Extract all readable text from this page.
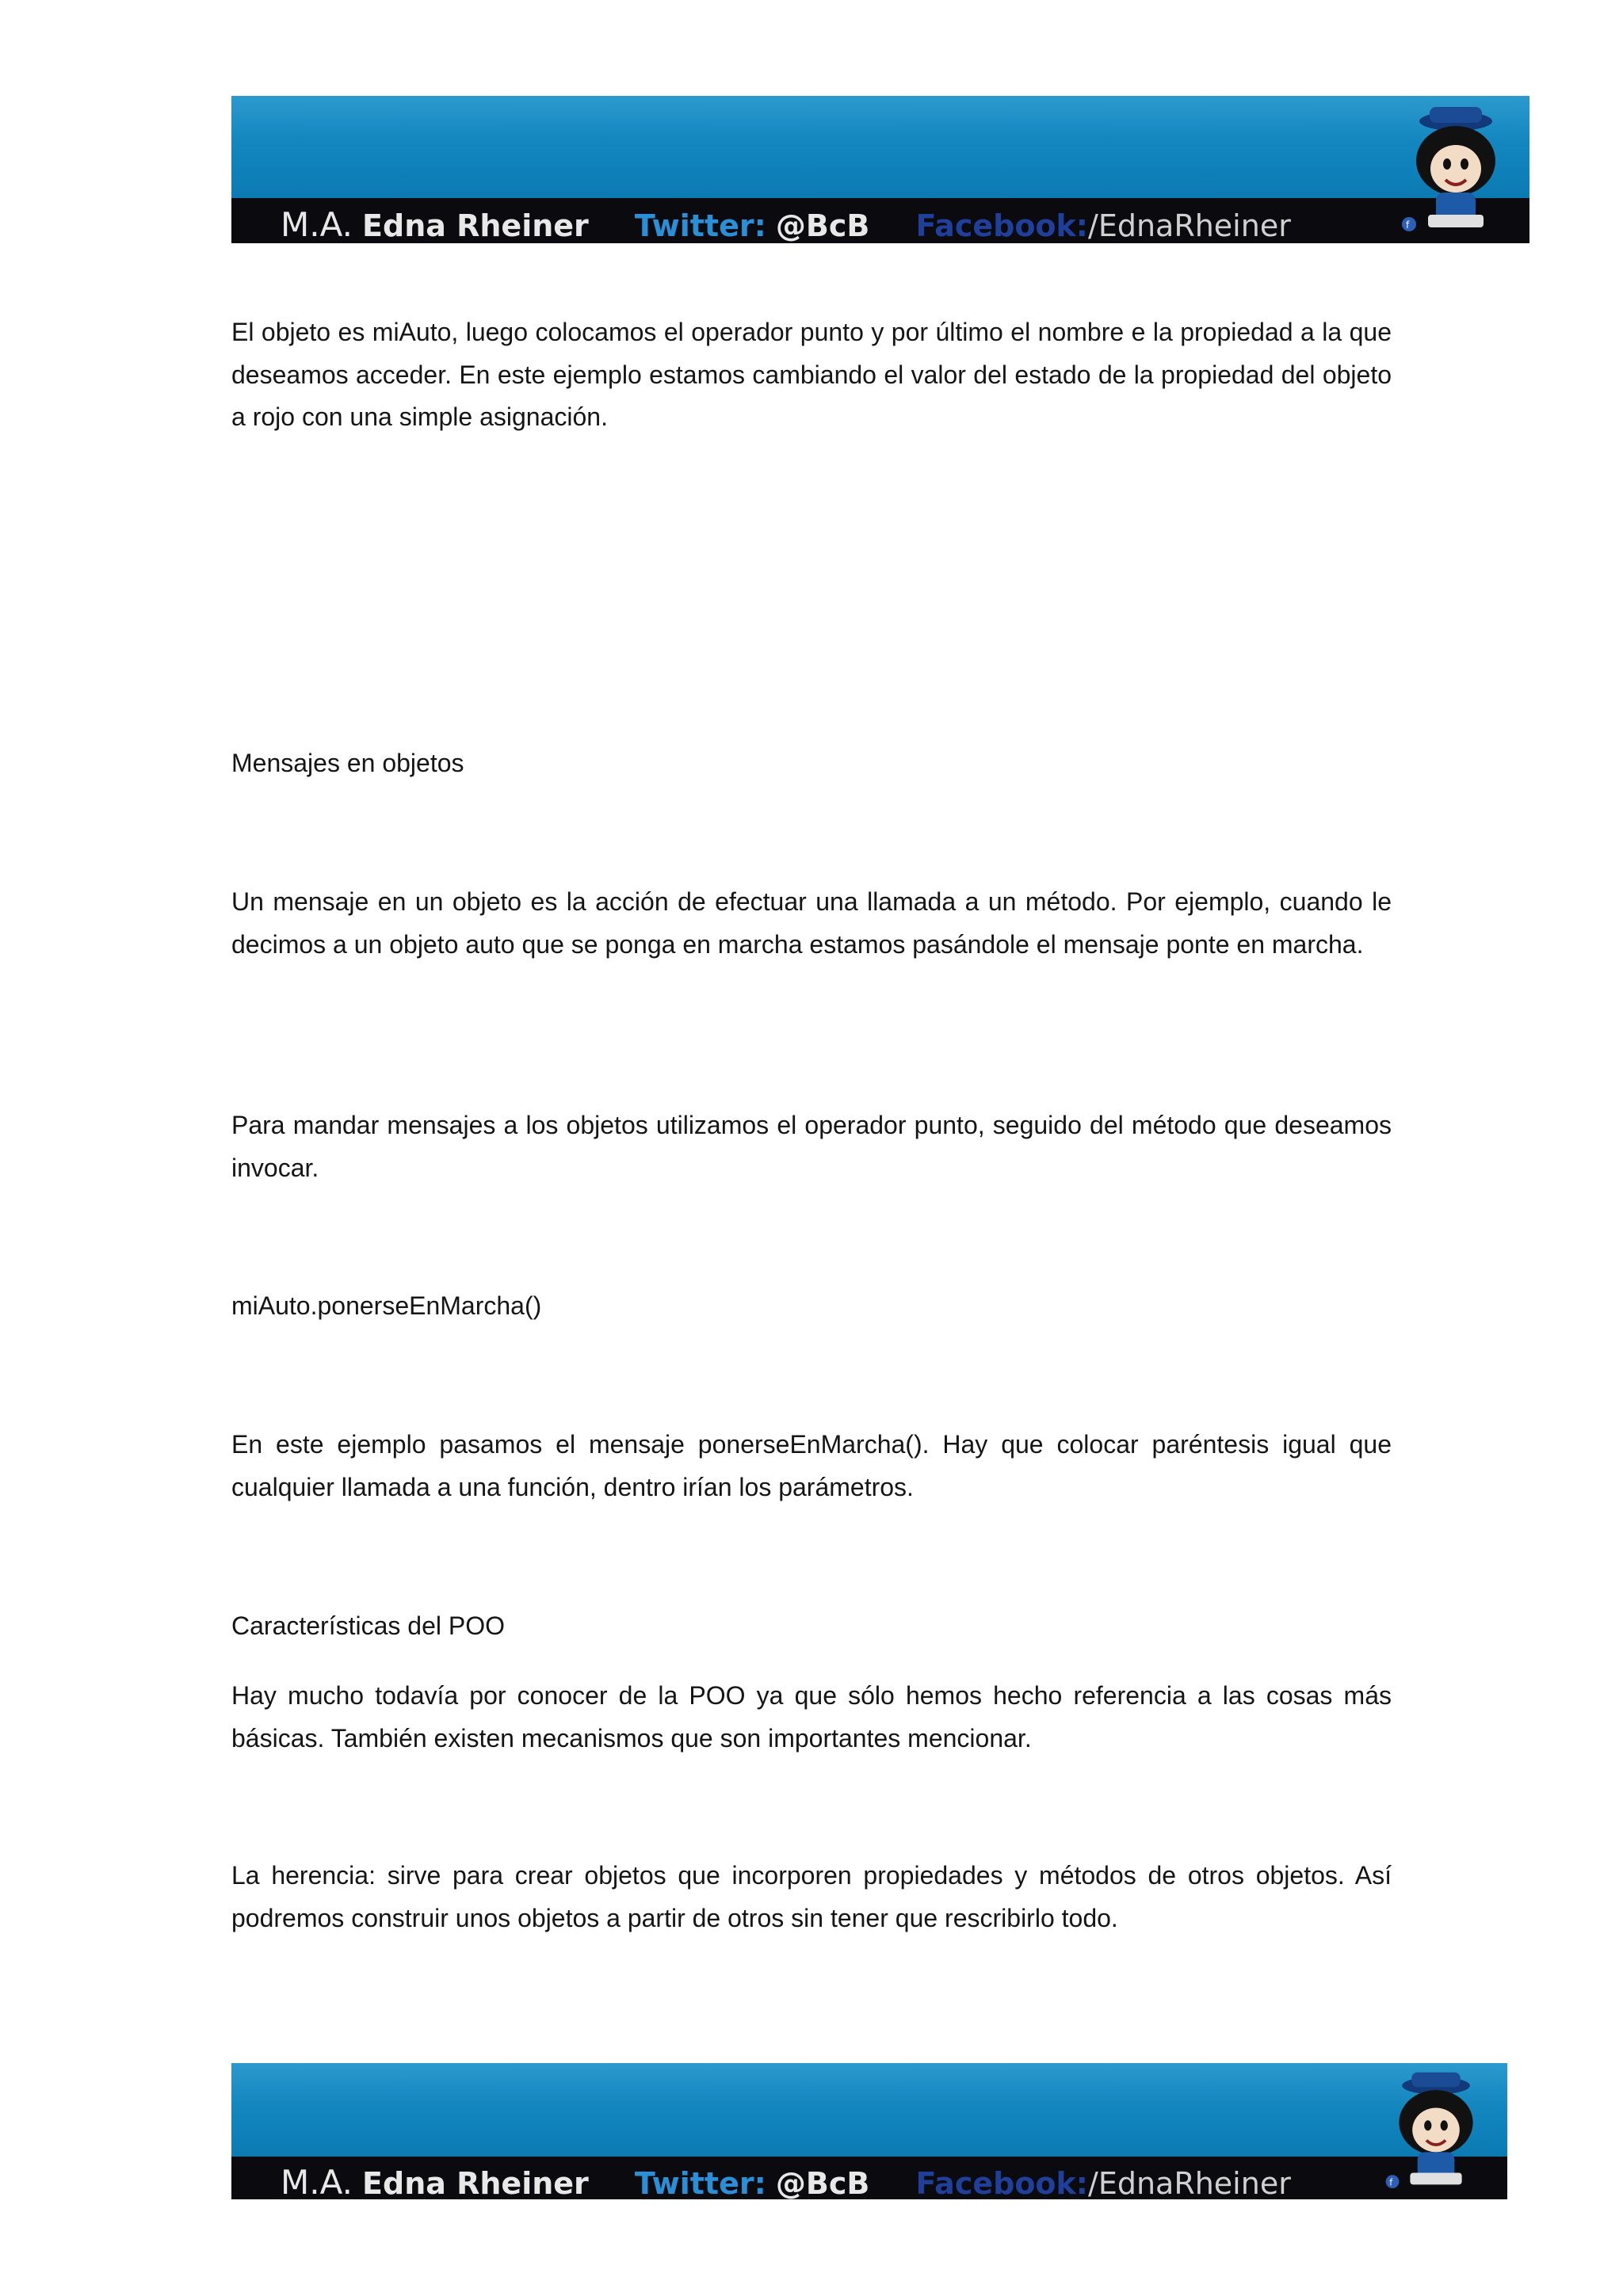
M.A. Edna Rheiner Twitter: @BcB Facebook:/EdnaRheiner	f

El objeto es miAuto, luego colocamos el operador punto y por último el nombre e la propiedad a la que deseamos acceder. En este ejemplo estamos cambiando el valor del estado de la propiedad del objeto a rojo con una simple asignación.

Mensajes en objetos

Un mensaje en un objeto es la acción de efectuar una llamada a un método. Por ejemplo, cuando le decimos a un objeto auto que se ponga en marcha estamos pasándole el mensaje ponte en marcha.

Para mandar mensajes a los objetos utilizamos el operador punto, seguido del método que deseamos invocar.

miAuto.ponerseEnMarcha()

En este ejemplo pasamos el mensaje ponerseEnMarcha(). Hay que colocar paréntesis igual que cualquier llamada a una función, dentro irían los parámetros.

Características del POO

Hay mucho todavía por conocer de la POO ya que sólo hemos hecho referencia a las cosas más básicas. También existen mecanismos que son importantes mencionar.

La herencia: sirve para crear objetos que incorporen propiedades y métodos de otros objetos. Así podremos construir unos objetos a partir de otros sin tener que rescribirlo todo.

M.A. Edna Rheiner Twitter: @BcB Facebook:/EdnaRheiner	f
